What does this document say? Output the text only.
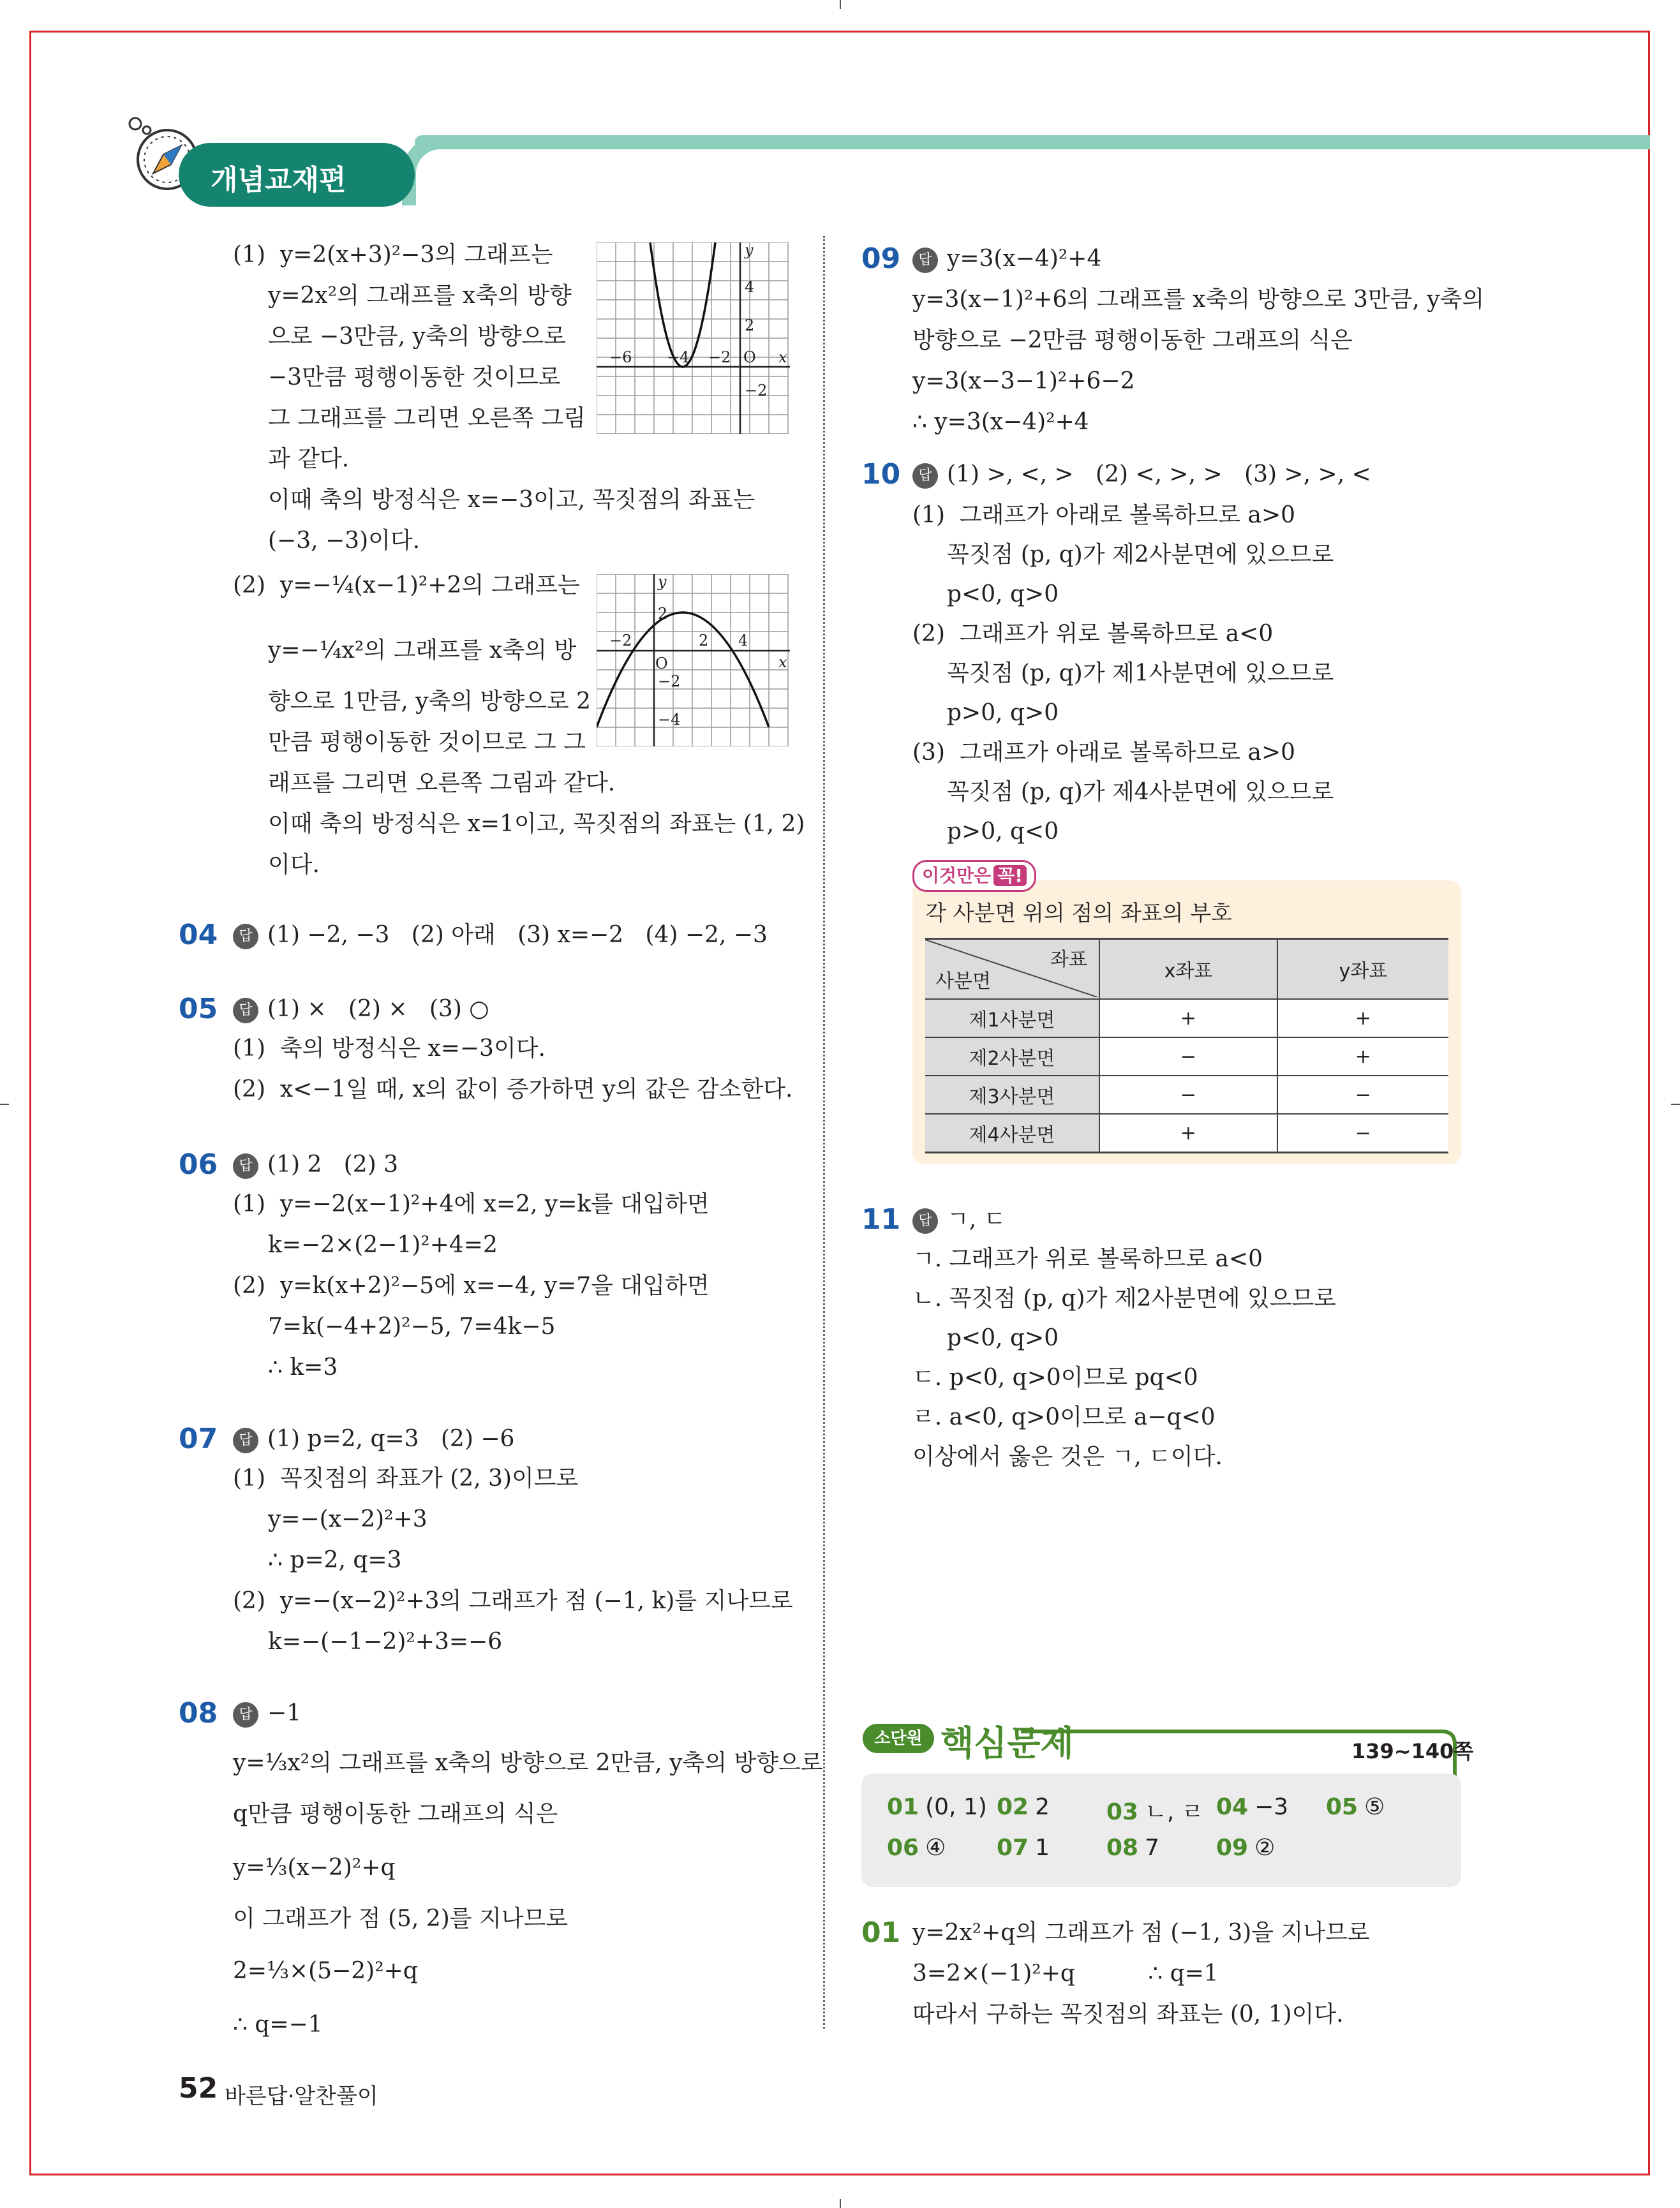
개념교재편
(1)  y=2(x+3)²−3의 그래프는
y=2x²의 그래프를 x축의 방향
으로 −3만큼, y축의 방향으로
−3만큼 평행이동한 것이므로
그 그래프를 그리면 오른쪽 그림
과 같다.
이때 축의 방정식은 x=−3이고, 꼭짓점의 좌표는
(−3, −3)이다.
−6 −4 −2 O x
y
4
2
−2
(2)  y=−¼(x−1)²+2의 그래프는
y=−¼x²의 그래프를 x축의 방
향으로 1만큼, y축의 방향으로 2
만큼 평행이동한 것이므로 그 그
래프를 그리면 오른쪽 그림과 같다.
이때 축의 방정식은 x=1이고, 꼭짓점의 좌표는 (1, 2)
이다.
−2	2 4
O	x
y
2
−2
−4
04	답 (1) −2, −3   (2) 아래   (3) x=−2   (4) −2, −3
05	답 (1) ×   (2) ×   (3) ○
(1)  축의 방정식은 x=−3이다.
(2)  x<−1일 때, x의 값이 증가하면 y의 값은 감소한다.
06	답 (1) 2   (2) 3
(1)  y=−2(x−1)²+4에 x=2, y=k를 대입하면
k=−2×(2−1)²+4=2
(2)  y=k(x+2)²−5에 x=−4, y=7을 대입하면
7=k(−4+2)²−5, 7=4k−5
∴ k=3
07	답 (1) p=2, q=3   (2) −6
(1)  꼭짓점의 좌표가 (2, 3)이므로
y=−(x−2)²+3
∴ p=2, q=3
(2)  y=−(x−2)²+3의 그래프가 점 (−1, k)를 지나므로
k=−(−1−2)²+3=−6
08	답 −1
y=⅓x²의 그래프를 x축의 방향으로 2만큼, y축의 방향으로
q만큼 평행이동한 그래프의 식은
y=⅓(x−2)²+q
이 그래프가 점 (5, 2)를 지나므로
2=⅓×(5−2)²+q
∴ q=−1
52 바른답·알찬풀이
09	답 y=3(x−4)²+4
y=3(x−1)²+6의 그래프를 x축의 방향으로 3만큼, y축의
방향으로 −2만큼 평행이동한 그래프의 식은
y=3(x−3−1)²+6−2
∴ y=3(x−4)²+4
10	답 (1) >, <, >   (2) <, >, >   (3) >, >, <
(1)  그래프가 아래로 볼록하므로 a>0
꼭짓점 (p, q)가 제2사분면에 있으므로
p<0, q>0
(2)  그래프가 위로 볼록하므로 a<0
꼭짓점 (p, q)가 제1사분면에 있으므로
p>0, q>0
(3)  그래프가 아래로 볼록하므로 a>0
꼭짓점 (p, q)가 제4사분면에 있으므로
p>0, q<0
이것만은 꼭!
각 사분면 위의 점의 좌표의 부호
좌표
사분면	x좌표	y좌표
제1사분면	+	+
제2사분면	−	+
제3사분면	−	−
제4사분면	+	−
11	답 ㄱ, ㄷ
ㄱ. 그래프가 위로 볼록하므로 a<0
ㄴ. 꼭짓점 (p, q)가 제2사분면에 있으므로
p<0, q>0
ㄷ. p<0, q>0이므로 pq<0
ㄹ. a<0, q>0이므로 a−q<0
이상에서 옳은 것은 ㄱ, ㄷ이다.
소단원 핵심문제	139~140쪽
01 (0, 1) 02 2 03 ㄴ, ㄹ 04 −3 05 ⑤
06 ④ 07 1 08 7 09 ②
01 y=2x²+q의 그래프가 점 (−1, 3)을 지나므로
3=2×(−1)²+q          ∴ q=1
따라서 구하는 꼭짓점의 좌표는 (0, 1)이다.
